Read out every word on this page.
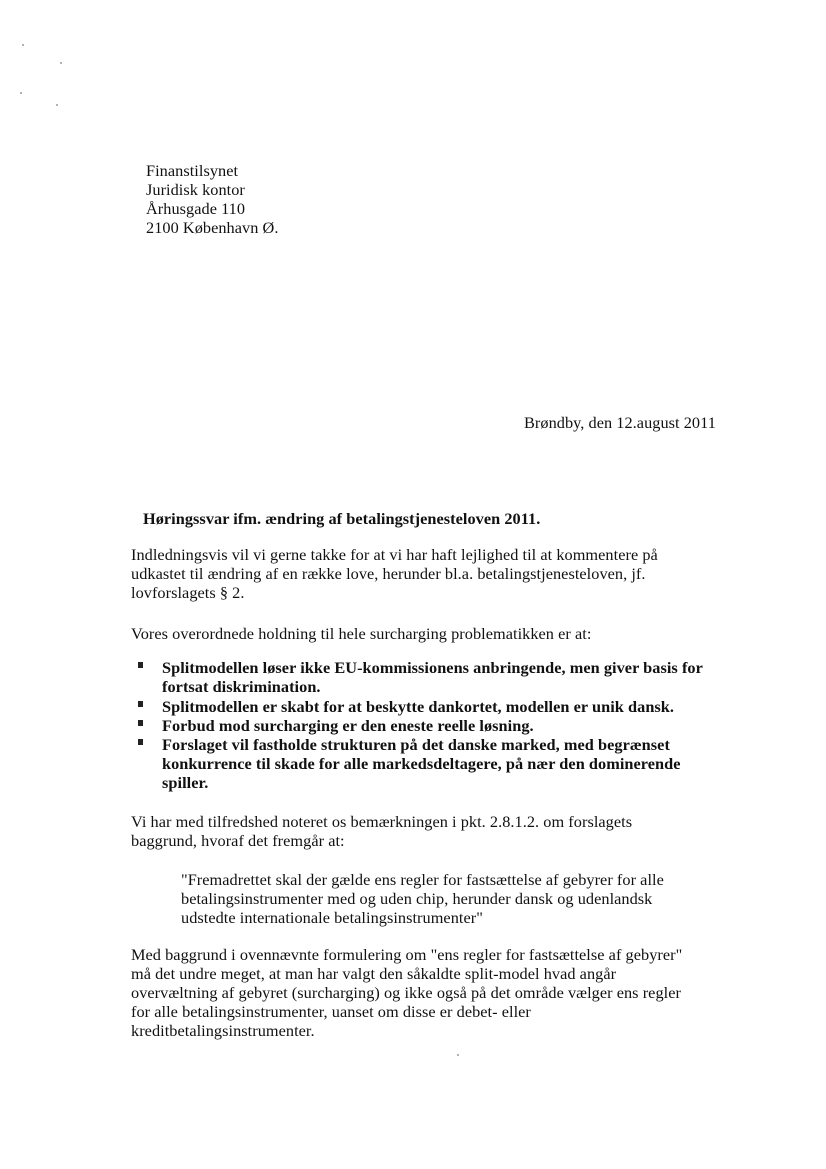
Finanstilsynet
Juridisk kontor
Århusgade 110
2100 København Ø.
Brøndby, den 12.august 2011
Høringssvar ifm. ændring af betalingstjenesteloven 2011.
Indledningsvis vil vi gerne takke for at vi har haft lejlighed til at kommentere på
udkastet til ændring af en række love, herunder bl.a. betalingstjenesteloven, jf.
lovforslagets § 2.
Vores overordnede holdning til hele surcharging problematikken er at:
Splitmodellen løser ikke EU-kommissionens anbringende, men giver basis for
fortsat diskrimination.
Splitmodellen er skabt for at beskytte dankortet, modellen er unik dansk.
Forbud mod surcharging er den eneste reelle løsning.
Forslaget vil fastholde strukturen på det danske marked, med begrænset
konkurrence til skade for alle markedsdeltagere, på nær den dominerende
spiller.
Vi har med tilfredshed noteret os bemærkningen i pkt. 2.8.1.2. om forslagets
baggrund, hvoraf det fremgår at:
"Fremadrettet skal der gælde ens regler for fastsættelse af gebyrer for alle
betalingsinstrumenter med og uden chip, herunder dansk og udenlandsk
udstedte internationale betalingsinstrumenter"
Med baggrund i ovennævnte formulering om "ens regler for fastsættelse af gebyrer"
må det undre meget, at man har valgt den såkaldte split-model hvad angår
overvæltning af gebyret (surcharging) og ikke også på det område vælger ens regler
for alle betalingsinstrumenter, uanset om disse er debet- eller
kreditbetalingsinstrumenter.
